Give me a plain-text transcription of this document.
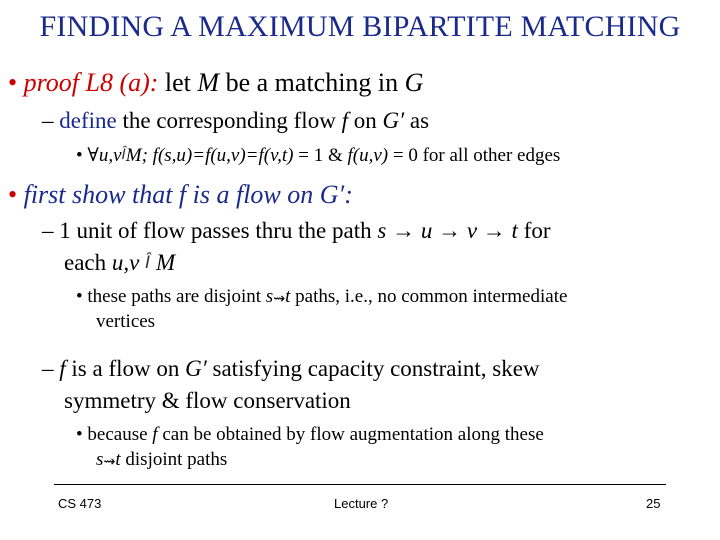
FINDING A MAXIMUM BIPARTITE MATCHING
• proof L8 (a): let M be a matching in G
– define the corresponding flow f on G′ as
• ∀u,vÎM; f(s,u)=f(u,v)=f(v,t) = 1 & f(u,v) = 0 for all other edges
• first show that f is a flow on G′:
– 1 unit of flow passes thru the path s → u → v → t for
each u,v Î M
• these paths are disjoint s⇝t paths, i.e., no common intermediate
vertices
– f is a flow on G′ satisfying capacity constraint, skew
symmetry & flow conservation
• because f can be obtained by flow augmentation along these
s⇝t disjoint paths
CS 473	Lecture ?	25
